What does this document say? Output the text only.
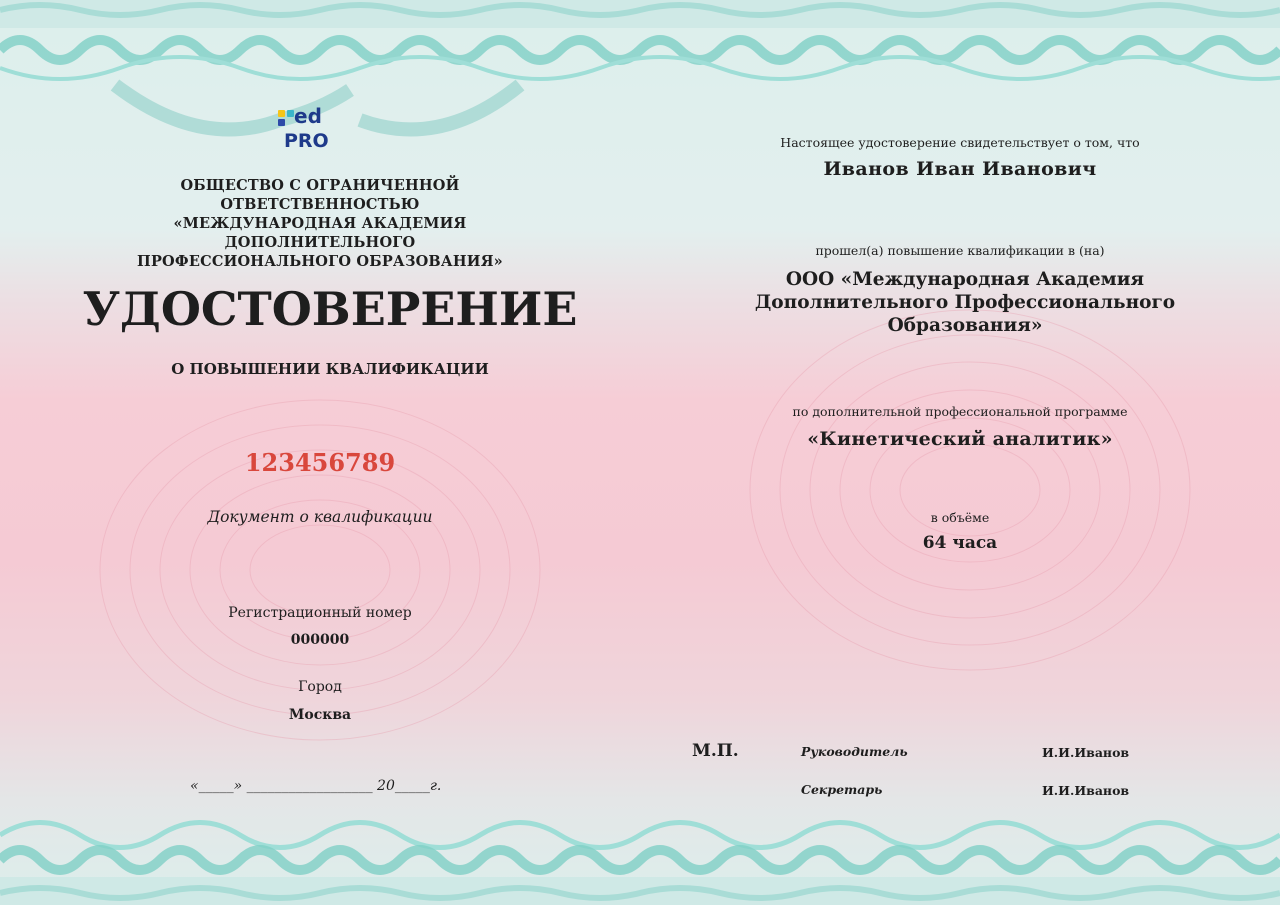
ed
PRO
ОБЩЕСТВО С ОГРАНИЧЕННОЙ ОТВЕТСТВЕННОСТЬЮ
«МЕЖДУНАРОДНАЯ АКАДЕМИЯ ДОПОЛНИТЕЛЬНОГО
ПРОФЕССИОНАЛЬНОГО ОБРАЗОВАНИЯ»
УДОСТОВЕРЕНИЕ
О ПОВЫШЕНИИ КВАЛИФИКАЦИИ
123456789
Документ о квалификации
Регистрационный номер
000000
Город
Москва
«_____» __________________ 20_____г.
Настоящее удостоверение свидетельствует о том, что
Иванов Иван Иванович
прошел(а) повышение квалификации в (на)
ООО «Международная Академия
Дополнительного Профессионального
Образования»
по дополнительной профессиональной программе
«Кинетический аналитик»
в объёме
64 часа
М.П.	Руководитель	И.И.Иванов
Секретарь	И.И.Иванов
